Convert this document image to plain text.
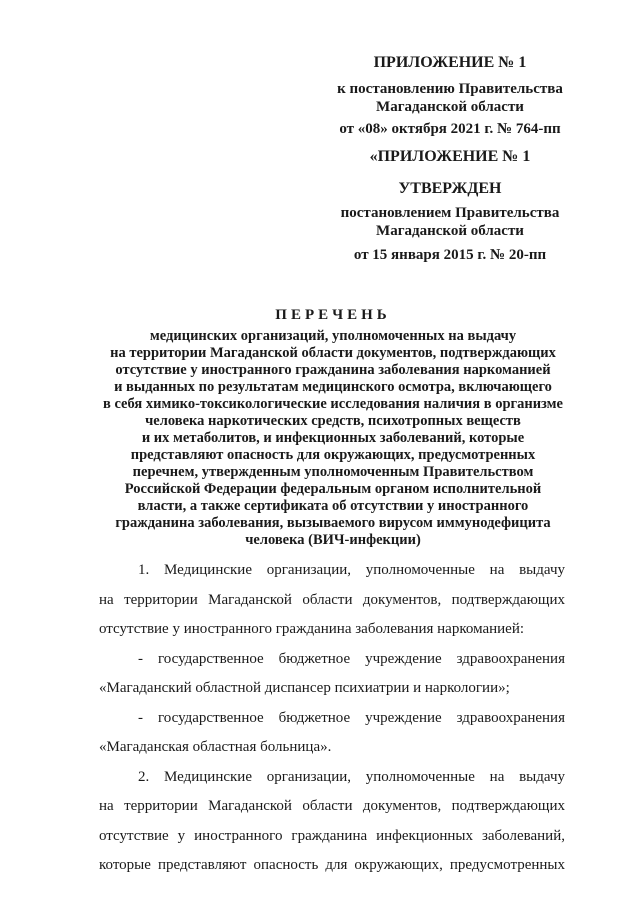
ПРИЛОЖЕНИЕ № 1
к постановлению Правительства
Магаданской области
от «08» октября 2021 г. № 764-пп
«ПРИЛОЖЕНИЕ № 1
УТВЕРЖДЕН
постановлением Правительства
Магаданской области
от 15 января 2015 г. № 20-пп
ПЕРЕЧЕНЬ
медицинских организаций, уполномоченных на выдачу
на территории Магаданской области документов, подтверждающих
отсутствие у иностранного гражданина заболевания наркоманией
и выданных по результатам медицинского осмотра, включающего
в себя химико-токсикологические исследования наличия в организме
человека наркотических средств, психотропных веществ
и их метаболитов, и инфекционных заболеваний, которые
представляют опасность для окружающих, предусмотренных
перечнем, утвержденным уполномоченным Правительством
Российской Федерации федеральным органом исполнительной
власти, а также сертификата об отсутствии у иностранного
гражданина заболевания, вызываемого вирусом иммунодефицита
человека (ВИЧ-инфекции)
1. Медицинские организации, уполномоченные на выдачу
на территории Магаданской области документов, подтверждающих
отсутствие у иностранного гражданина заболевания наркоманией:
- государственное бюджетное учреждение здравоохранения
«Магаданский областной диспансер психиатрии и наркологии»;
- государственное бюджетное учреждение здравоохранения
«Магаданская областная больница».
2. Медицинские организации, уполномоченные на выдачу
на территории Магаданской области документов, подтверждающих
отсутствие у иностранного гражданина инфекционных заболеваний,
которые представляют опасность для окружающих, предусмотренных
